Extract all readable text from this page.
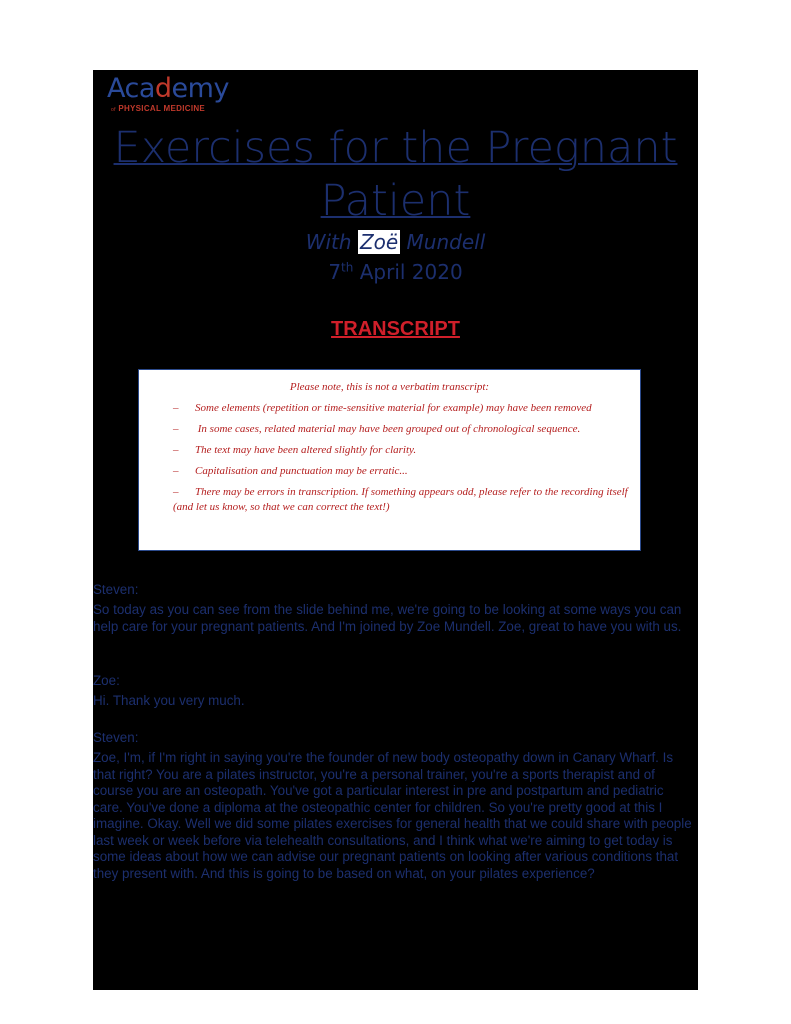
Academy
of PHYSICAL MEDICINE
Exercises for the Pregnant Patient
With Zoë Mundell
7th April 2020
TRANSCRIPT
Please note, this is not a verbatim transcript:
– Some elements (repetition or time-sensitive material for example) may have been removed
– In some cases, related material may have been grouped out of chronological sequence.
– The text may have been altered slightly for clarity.
– Capitalisation and punctuation may be erratic...
– There may be errors in transcription. If something appears odd, please refer to the recording itself (and let us know, so that we can correct the text!)
Steven:
So today as you can see from the slide behind me, we're going to be looking at some ways you can help care for your pregnant patients. And I'm joined by Zoe Mundell. Zoe, great to have you with us.
Zoe:
Hi. Thank you very much.
Steven:
Zoe, I'm, if I'm right in saying you're the founder of new body osteopathy down in Canary Wharf. Is that right? You are a pilates instructor, you're a personal trainer, you're a sports therapist and of course you are an osteopath. You've got a particular interest in pre and postpartum and pediatric care. You've done a diploma at the osteopathic center for children. So you're pretty good at this I imagine. Okay. Well we did some pilates exercises for general health that we could share with people last week or week before via telehealth consultations, and I think what we're aiming to get today is some ideas about how we can advise our pregnant patients on looking after various conditions that they present with. And this is going to be based on what, on your pilates experience?
